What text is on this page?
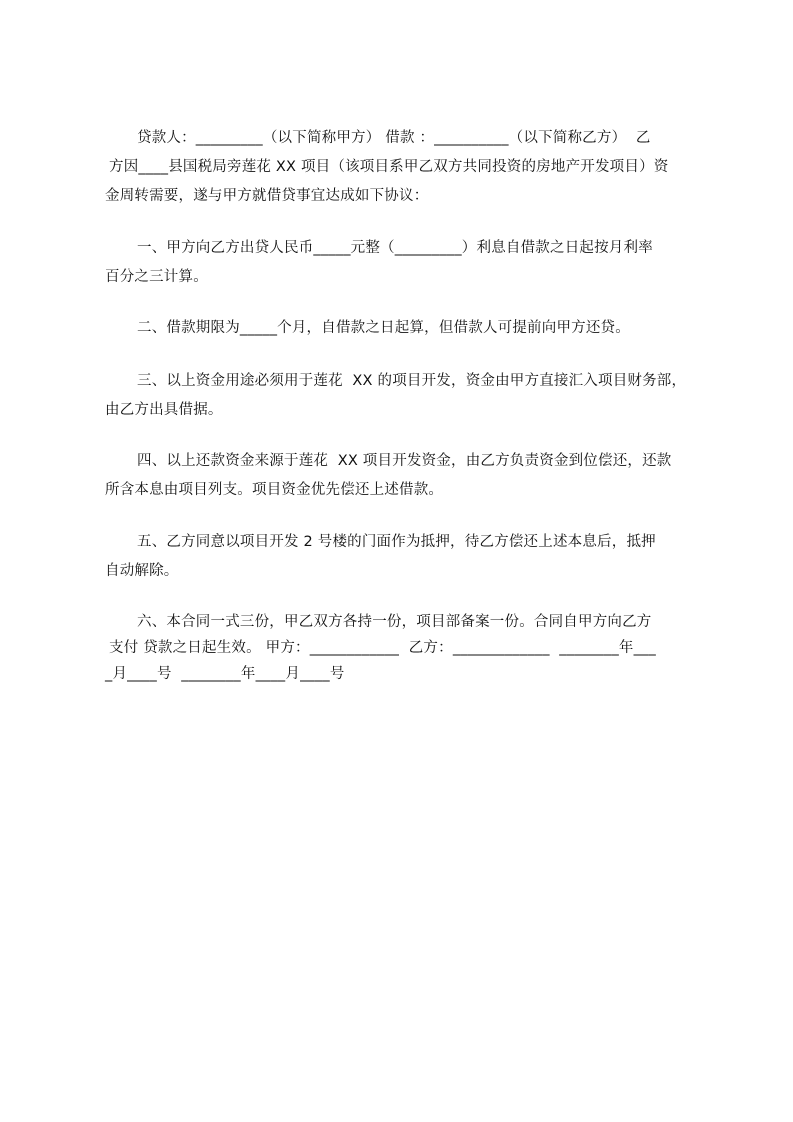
贷款人：_________（以下简称甲方） 借款 ：__________（以下简称乙方）  乙
方因____县国税局旁莲花 XX 项目（该项目系甲乙双方共同投资的房地产开发项目）资
金周转需要，遂与甲方就借贷事宜达成如下协议：
一、甲方向乙方出贷人民币_____元整（_________）利息自借款之日起按月利率
百分之三计算。
二、借款期限为_____个月，自借款之日起算，但借款人可提前向甲方还贷。
三、以上资金用途必须用于莲花  XX 的项目开发，资金由甲方直接汇入项目财务部，
由乙方出具借据。
四、以上还款资金来源于莲花  XX 项目开发资金，由乙方负责资金到位偿还，还款
所含本息由项目列支。项目资金优先偿还上述借款。
五、乙方同意以项目开发 2 号楼的门面作为抵押，待乙方偿还上述本息后，抵押
自动解除。
六、本合同一式三份，甲乙双方各持一份，项目部备案一份。合同自甲方向乙方
支付 贷款之日起生效。 甲方：____________  乙方：_____________  ________年___
_月____号  ________年____月____号
